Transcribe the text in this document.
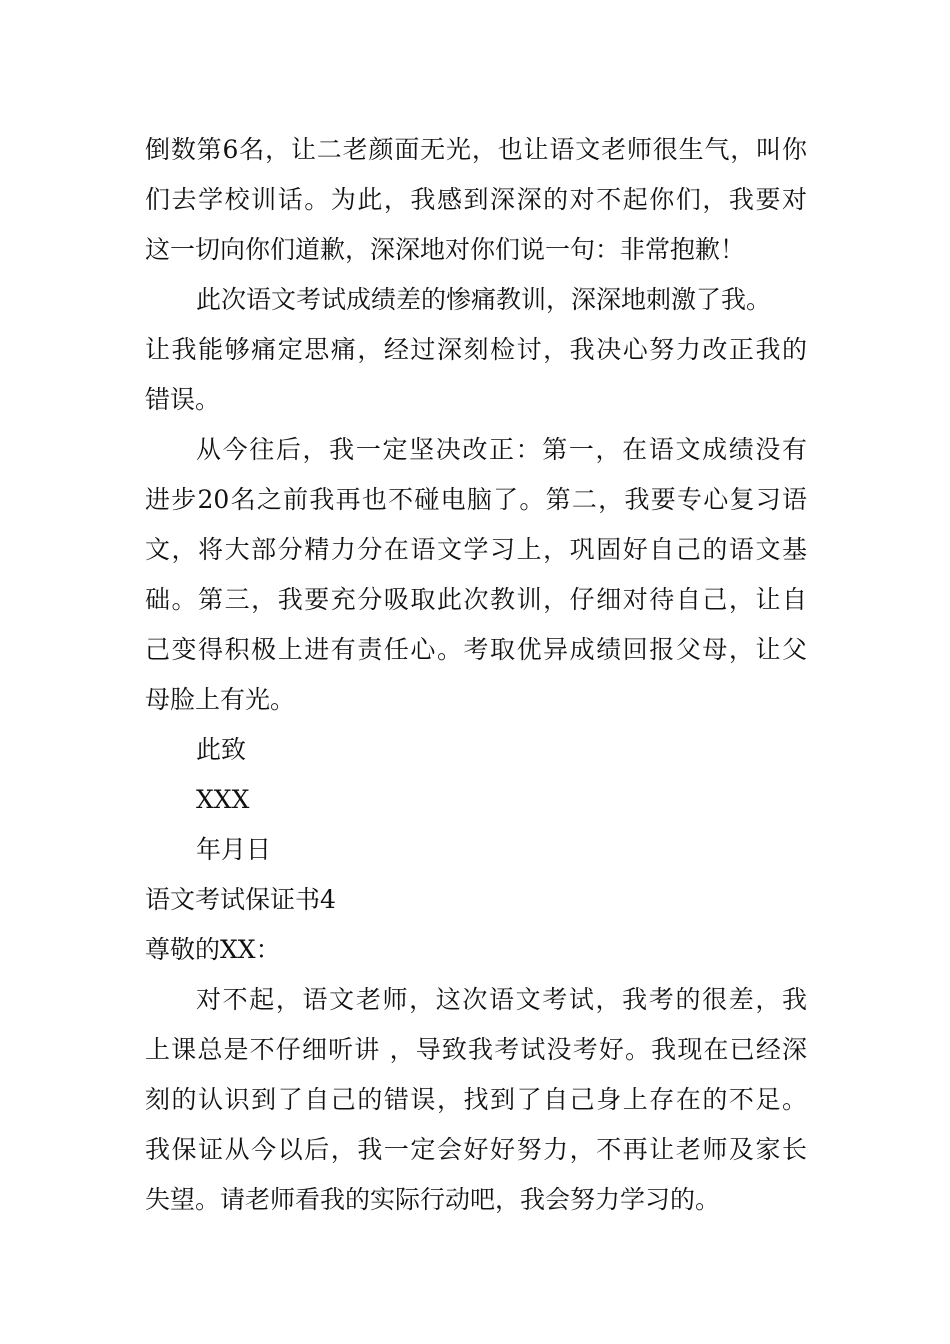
倒数第6名，让二老颜面无光，也让语文老师很生气，叫你
们去学校训话。为此，我感到深深的对不起你们，我要对
这一切向你们道歉，深深地对你们说一句：非常抱歉！
此次语文考试成绩差的惨痛教训，深深地刺激了我。
让我能够痛定思痛，经过深刻检讨，我决心努力改正我的
错误。
从今往后，我一定坚决改正：第一，在语文成绩没有
进步20名之前我再也不碰电脑了。第二，我要专心复习语
文，将大部分精力分在语文学习上，巩固好自己的语文基
础。第三，我要充分吸取此次教训，仔细对待自己，让自
己变得积极上进有责任心。考取优异成绩回报父母，让父
母脸上有光。
此致
XXX
年月日
语文考试保证书4
尊敬的XX：
对不起，语文老师，这次语文考试，我考的很差，我
上课总是不仔细听讲 ，导致我考试没考好。我现在已经深
刻的认识到了自己的错误，找到了自己身上存在的不足。
我保证从今以后，我一定会好好努力，不再让老师及家长
失望。请老师看我的实际行动吧，我会努力学习的。
